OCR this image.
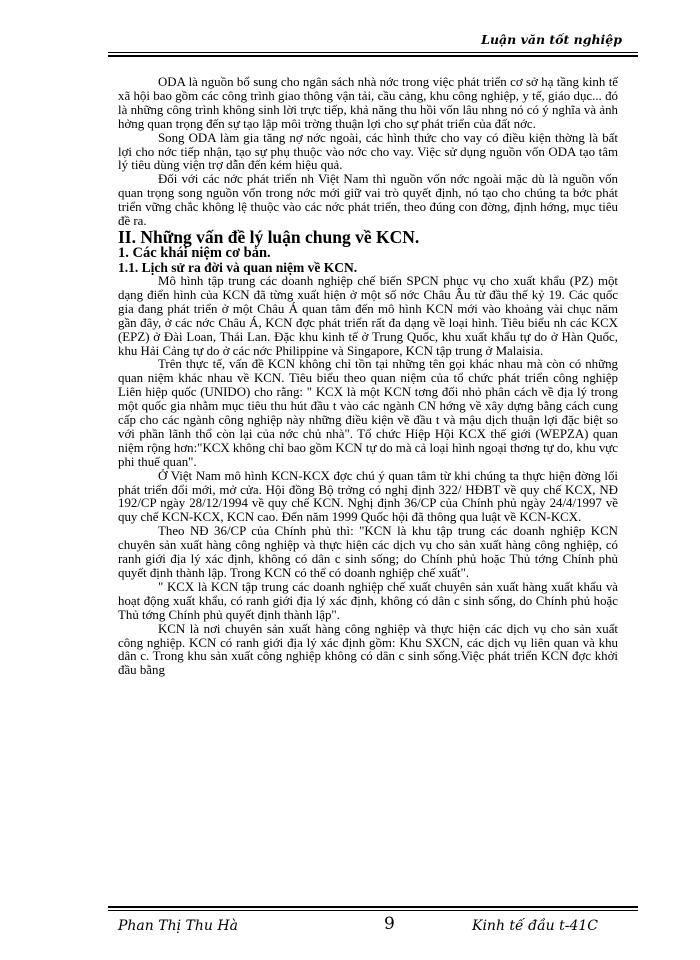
Luận văn tốt nghiệp

ODA là nguồn bổ sung cho ngân sách nhà nớc trong việc phát triển cơ sở hạ tầng kinh tế xã hội bao gồm các công trình giao thông vận tải, cầu cảng, khu công nghiệp, y tế, giáo dục... đó là những công trình không sinh lời trực tiếp, khả năng thu hồi vốn lâu nhng nó có ý nghĩa và ảnh hởng quan trọng đến sự tạo lập môi trờng thuận lợi cho sự phát triển của đất nớc.

Song ODA làm gia tăng nợ nớc ngoài, các hình thức cho vay có điều kiện thờng là bất lợi cho nớc tiếp nhận, tạo sự phụ thuộc vào nớc cho vay. Việc sử dụng nguồn vốn ODA tạo tâm lý tiêu dùng viện trợ dẫn đến kém hiệu quả.

Đối với các nớc phát triển nh Việt Nam thì nguồn vốn nớc ngoài mặc dù là nguồn vốn quan trọng song nguồn vốn trong nớc mới giữ vai trò quyết định, nó tạo cho chúng ta bớc phát triển vững chắc không lệ thuộc vào các nớc phát triển, theo đúng con đờng, định hớng, mục tiêu đề ra.

II. Những vấn đề lý luận chung về KCN.
1. Các khái niệm cơ bản.
1.1. Lịch sử ra đời và quan niệm về KCN.

Mô hình tập trung các doanh nghiệp chế biến SPCN phục vụ cho xuất khẩu (PZ) một dạng điển hình của KCN đã từng xuất hiện ở một số nớc Châu Âu từ đầu thế kỷ 19. Các quốc gia đang phát triển ở một Châu Á quan tâm đến mô hình KCN mới vào khoảng vài chục năm gần đây, ở các nớc Châu Á, KCN đợc phát triển rất đa dạng về loại hình. Tiêu biểu nh các KCX (EPZ) ở Đài Loan, Thái Lan. Đặc khu kinh tế ở Trung Quốc, khu xuất khẩu tự do ở Hàn Quốc, khu Hải Cảng tự do ở các nớc Philippine và Singapore, KCN tập trung ở Malaisia.

Trên thực tế, vấn đề KCN không chỉ tồn tại những tên gọi khác nhau mà còn có những quan niệm khác nhau về KCN. Tiêu biểu theo quan niệm của tổ chức phát triển công nghiệp Liên hiệp quốc (UNIDO) cho rằng: " KCX là một KCN tơng đối nhỏ phân cách về địa lý trong một quốc gia nhằm mục tiêu thu hút đầu t vào các ngành CN hớng về xây dựng bằng cách cung cấp cho các ngành công nghiệp này những điều kiện về đầu t và mậu dịch thuận lợi đặc biệt so với phần lãnh thổ còn lại của nớc chủ nhà". Tổ chức Hiệp Hội KCX thế giới (WEPZA) quan niệm rộng hơn:"KCX không chỉ bao gồm KCN tự do mà cả loại hình ngoại thơng tự do, khu vực phi thuế quan".

Ở Việt Nam mô hình KCN-KCX đợc chú ý quan tâm từ khi chúng ta thực hiện đờng lối phát triển đổi mới, mở cửa. Hội đồng Bộ trởng có nghị định 322/ HĐBT về quy chế KCX, NĐ 192/CP ngày 28/12/1994 về quy chế KCN. Nghị định 36/CP của Chính phủ ngày 24/4/1997 về quy chế KCN-KCX, KCN cao. Đến năm 1999 Quốc hội đã thông qua luật về KCN-KCX.

Theo NĐ 36/CP của Chính phủ thì: "KCN là khu tập trung các doanh nghiệp KCN chuyên sản xuất hàng công nghiệp và thực hiện các dịch vụ cho sản xuất hàng công nghiệp, có ranh giới địa lý xác định, không có dân c sinh sống; do Chính phủ hoặc Thủ tớng Chính phủ quyết định thành lập. Trong KCN có thể có doanh nghiệp chế xuất".

" KCX là KCN tập trung các doanh nghiệp chế xuất chuyên sản xuất hàng xuất khẩu và hoạt động xuất khẩu, có ranh giới địa lý xác định, không có dân c sinh sống, do Chính phủ hoặc Thủ tớng Chính phủ quyết định thành lập".

KCN là nơi chuyên sản xuất hàng công nghiệp và thực hiện các dịch vụ cho sản xuất công nghiệp. KCN có ranh giới địa lý xác định gồm: Khu SXCN, các dịch vụ liên quan và khu dân c. Trong khu sản xuất công nghiệp không có dân c sinh sống.Việc phát triển KCN đợc khởi đầu bằng

Phan Thị Thu Hà	9	Kinh tế đầu t-41C
